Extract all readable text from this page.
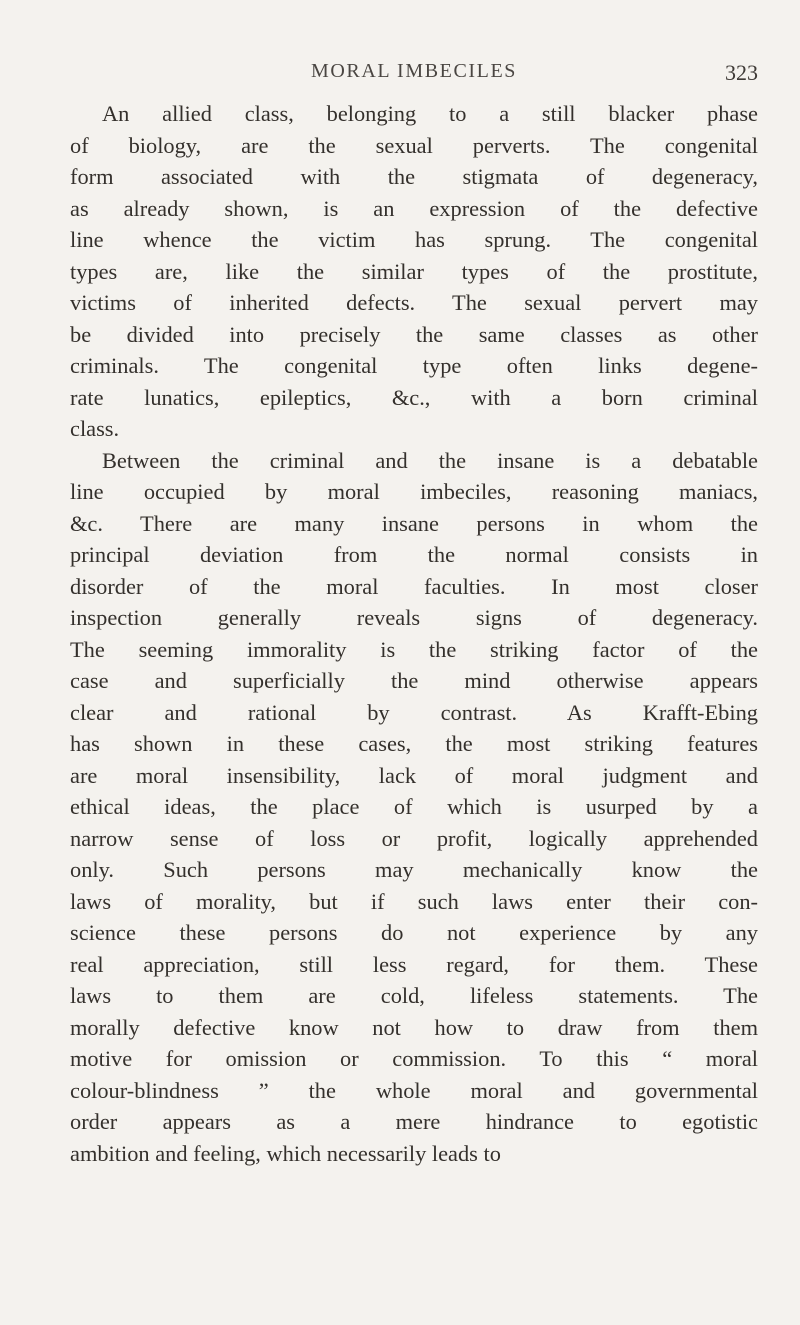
MORAL IMBECILES	323
An allied class, belonging to a still blacker phase
of biology, are the sexual perverts. The congenital
form associated with the stigmata of degeneracy,
as already shown, is an expression of the defective
line whence the victim has sprung. The congenital
types are, like the similar types of the prostitute,
victims of inherited defects. The sexual pervert may
be divided into precisely the same classes as other
criminals. The congenital type often links degene-
rate lunatics, epileptics, &c., with a born criminal
class.
Between the criminal and the insane is a debatable
line occupied by moral imbeciles, reasoning maniacs,
&c. There are many insane persons in whom the
principal deviation from the normal consists in
disorder of the moral faculties. In most closer
inspection generally reveals signs of degeneracy.
The seeming immorality is the striking factor of the
case and superficially the mind otherwise appears
clear and rational by contrast. As Krafft-Ebing
has shown in these cases, the most striking features
are moral insensibility, lack of moral judgment and
ethical ideas, the place of which is usurped by a
narrow sense of loss or profit, logically apprehended
only. Such persons may mechanically know the
laws of morality, but if such laws enter their con-
science these persons do not experience by any
real appreciation, still less regard, for them. These
laws to them are cold, lifeless statements. The
morally defective know not how to draw from them
motive for omission or commission. To this “ moral
colour-blindness ” the whole moral and governmental
order appears as a mere hindrance to egotistic
ambition and feeling, which necessarily leads to
